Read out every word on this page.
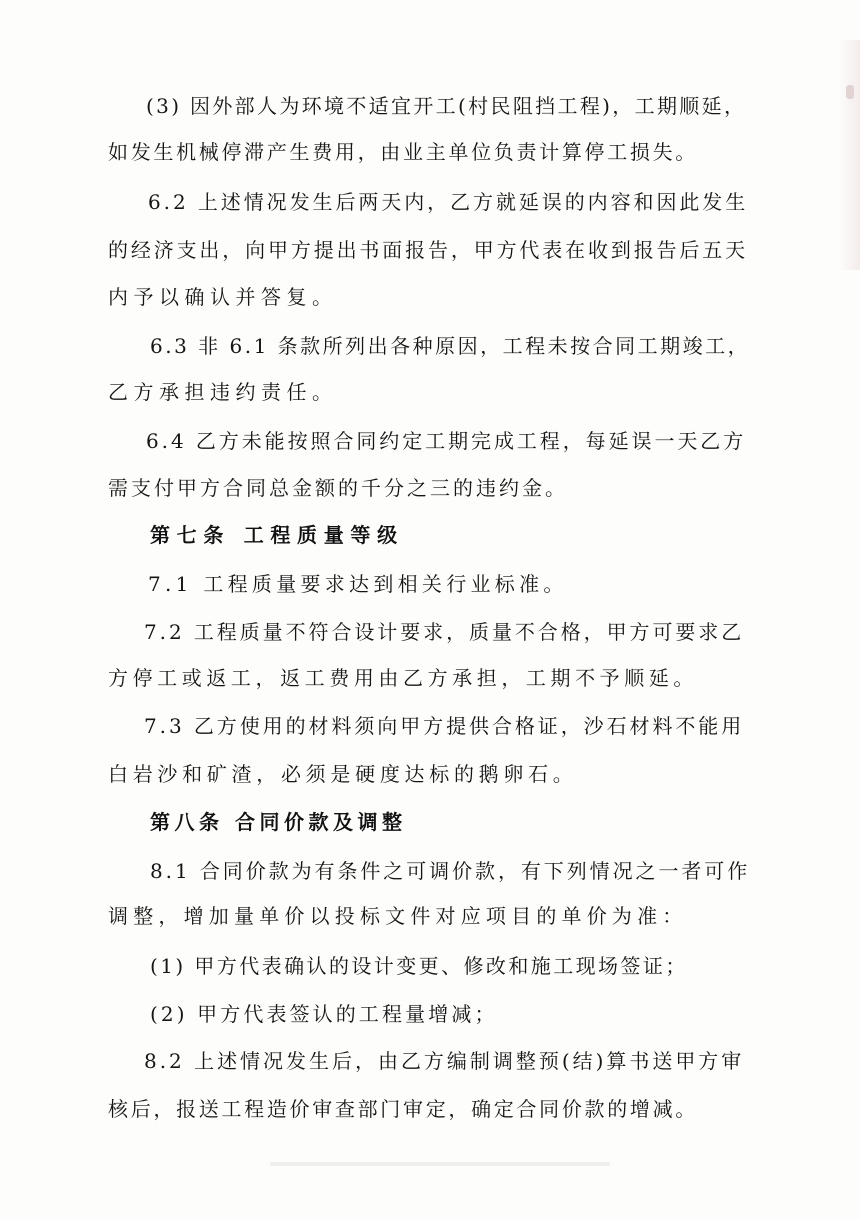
(3) 因外部人为环境不适宜开工(村民阻挡工程)，工期顺延，
如发生机械停滞产生费用，由业主单位负责计算停工损失。
6.2 上述情况发生后两天内，乙方就延误的内容和因此发生
的经济支出，向甲方提出书面报告，甲方代表在收到报告后五天
内予以确认并答复。
6.3 非 6.1 条款所列出各种原因，工程未按合同工期竣工，
乙方承担违约责任。
6.4 乙方未能按照合同约定工期完成工程，每延误一天乙方
需支付甲方合同总金额的千分之三的违约金。
第七条 工程质量等级
7.1 工程质量要求达到相关行业标准。
7.2 工程质量不符合设计要求，质量不合格，甲方可要求乙
方停工或返工，返工费用由乙方承担，工期不予顺延。
7.3 乙方使用的材料须向甲方提供合格证，沙石材料不能用
白岩沙和矿渣，必须是硬度达标的鹅卵石。
第八条 合同价款及调整
8.1 合同价款为有条件之可调价款，有下列情况之一者可作
调整，增加量单价以投标文件对应项目的单价为准：
(1) 甲方代表确认的设计变更、修改和施工现场签证；
(2) 甲方代表签认的工程量增减；
8.2 上述情况发生后，由乙方编制调整预(结)算书送甲方审
核后，报送工程造价审查部门审定，确定合同价款的增减。
